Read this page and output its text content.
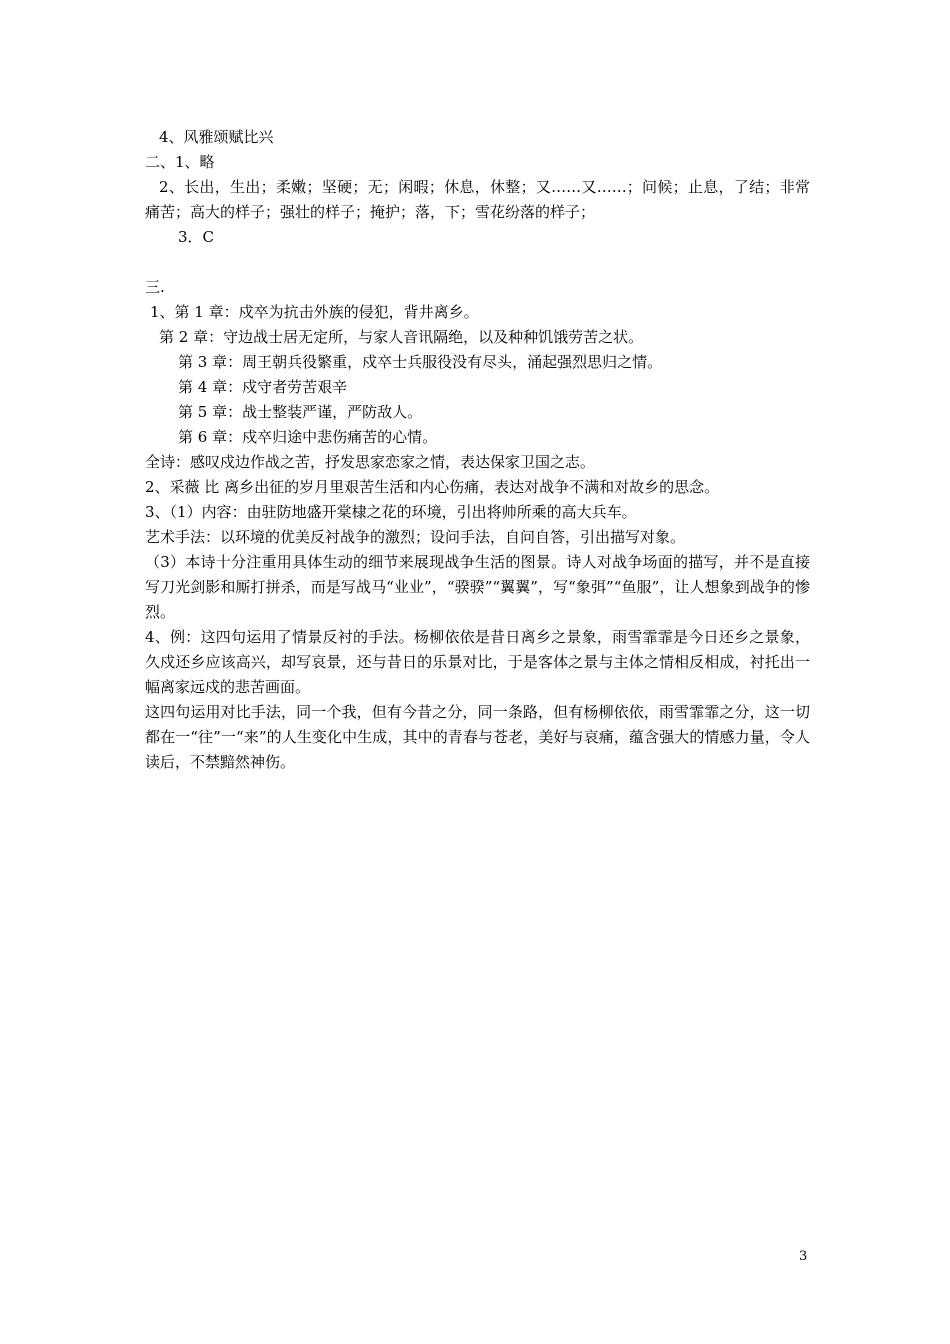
4、风雅颂赋比兴
二、1、略
2、长出，生出；柔嫩；坚硬；无；闲暇；休息，休整；又……又……；问候；止息，了结；非常痛苦；高大的样子；强壮的样子；掩护；落，下；雪花纷落的样子；
3．C
三.
1、第 1 章：戍卒为抗击外族的侵犯，背井离乡。
第 2 章：守边战士居无定所，与家人音讯隔绝，以及种种饥饿劳苦之状。
第 3 章：周王朝兵役繁重，戍卒士兵服役没有尽头，涌起强烈思归之情。
第 4 章：戍守者劳苦艰辛
第 5 章：战士整装严谨，严防敌人。
第 6 章：戍卒归途中悲伤痛苦的心情。
全诗：感叹戍边作战之苦，抒发思家恋家之情，表达保家卫国之志。
2、采薇 比 离乡出征的岁月里艰苦生活和内心伤痛，表达对战争不满和对故乡的思念。
3、（1）内容：由驻防地盛开棠棣之花的环境，引出将帅所乘的高大兵车。
艺术手法：以环境的优美反衬战争的激烈；设问手法，自问自答，引出描写对象。
（3）本诗十分注重用具体生动的细节来展现战争生活的图景。诗人对战争场面的描写，并不是直接写刀光剑影和厮打拼杀，而是写战马“业业”，“骙骙”“翼翼”，写“象弭”“鱼服”，让人想象到战争的惨烈。
4、例：这四句运用了情景反衬的手法。杨柳依依是昔日离乡之景象，雨雪霏霏是今日还乡之景象，久戍还乡应该高兴，却写哀景，还与昔日的乐景对比，于是客体之景与主体之情相反相成，衬托出一幅离家远戍的悲苦画面。
这四句运用对比手法，同一个我，但有今昔之分，同一条路，但有杨柳依依，雨雪霏霏之分，这一切都在一“往”一“来”的人生变化中生成，其中的青春与苍老，美好与哀痛，蕴含强大的情感力量，令人读后，不禁黯然神伤。
3
